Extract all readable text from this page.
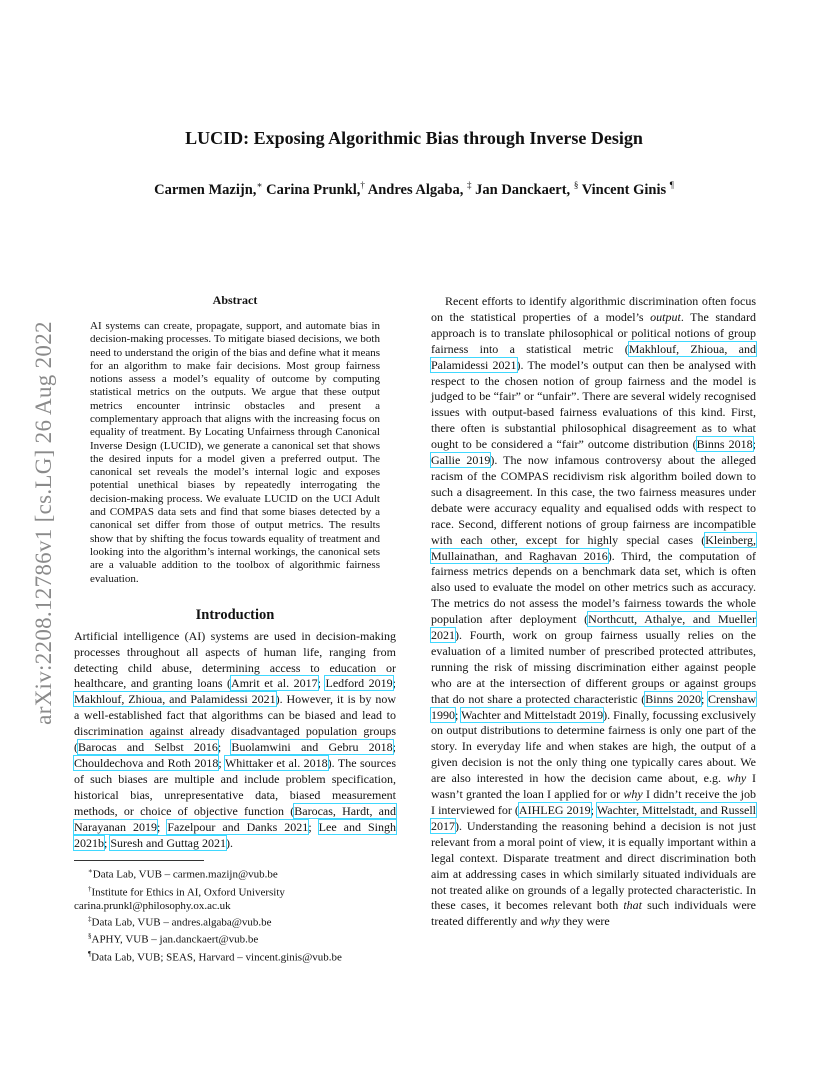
arXiv:2208.12786v1 [cs.LG] 26 Aug 2022
LUCID: Exposing Algorithmic Bias through Inverse Design
Carmen Mazijn,∗ Carina Prunkl,† Andres Algaba, ‡ Jan Danckaert, § Vincent Ginis ¶
Abstract

AI systems can create, propagate, support, and automate bias in decision-making processes. To mitigate biased decisions, we both need to understand the origin of the bias and define what it means for an algorithm to make fair decisions. Most group fairness notions assess a model’s equality of outcome by computing statistical metrics on the outputs. We argue that these output metrics encounter intrinsic obstacles and present a complementary approach that aligns with the increasing focus on equality of treatment. By Locating Unfairness through Canonical Inverse Design (LUCID), we generate a canonical set that shows the desired inputs for a model given a preferred output. The canonical set reveals the model’s internal logic and exposes potential unethical biases by repeatedly interrogating the decision-making process. We evaluate LUCID on the UCI Adult and COMPAS data sets and find that some biases detected by a canonical set differ from those of output metrics. The results show that by shifting the focus towards equality of treatment and looking into the algorithm’s internal workings, the canonical sets are a valuable addition to the toolbox of algorithmic fairness evaluation.

Introduction

Artificial intelligence (AI) systems are used in decision-making processes throughout all aspects of human life, ranging from detecting child abuse, determining access to education or healthcare, and granting loans (Amrit et al. 2017; Ledford 2019; Makhlouf, Zhioua, and Palamidessi 2021). However, it is by now a well-established fact that algorithms can be biased and lead to discrimination against already disadvantaged population groups (Barocas and Selbst 2016; Buolamwini and Gebru 2018; Chouldechova and Roth 2018; Whittaker et al. 2018). The sources of such biases are multiple and include problem specification, historical bias, unrepresentative data, biased measurement methods, or choice of objective function (Barocas, Hardt, and Narayanan 2019; Fazelpour and Danks 2021; Lee and Singh 2021b; Suresh and Guttag 2021).

∗Data Lab, VUB – carmen.mazijn@vub.be
†Institute for Ethics in AI, Oxford University carina.prunkl@philosophy.ox.ac.uk
‡Data Lab, VUB – andres.algaba@vub.be
§APHY, VUB – jan.danckaert@vub.be
¶Data Lab, VUB; SEAS, Harvard – vincent.ginis@vub.be

Recent efforts to identify algorithmic discrimination often focus on the statistical properties of a model’s output. The standard approach is to translate philosophical or political notions of group fairness into a statistical metric (Makhlouf, Zhioua, and Palamidessi 2021). The model’s output can then be analysed with respect to the chosen notion of group fairness and the model is judged to be “fair” or “unfair”. There are several widely recognised issues with output-based fairness evaluations of this kind. First, there often is substantial philosophical disagreement as to what ought to be considered a “fair” outcome distribution (Binns 2018; Gallie 2019). The now infamous controversy about the alleged racism of the COMPAS recidivism risk algorithm boiled down to such a disagreement. In this case, the two fairness measures under debate were accuracy equality and equalised odds with respect to race. Second, different notions of group fairness are incompatible with each other, except for highly special cases (Kleinberg, Mullainathan, and Raghavan 2016). Third, the computation of fairness metrics depends on a benchmark data set, which is often also used to evaluate the model on other metrics such as accuracy. The metrics do not assess the model’s fairness towards the whole population after deployment (Northcutt, Athalye, and Mueller 2021). Fourth, work on group fairness usually relies on the evaluation of a limited number of prescribed protected attributes, running the risk of missing discrimination either against people who are at the intersection of different groups or against groups that do not share a protected characteristic (Binns 2020; Crenshaw 1990; Wachter and Mittelstadt 2019). Finally, focussing exclusively on output distributions to determine fairness is only one part of the story. In everyday life and when stakes are high, the output of a given decision is not the only thing one typically cares about. We are also interested in how the decision came about, e.g. why I wasn’t granted the loan I applied for or why I didn’t receive the job I interviewed for (AIHLEG 2019; Wachter, Mittelstadt, and Russell 2017). Understanding the reasoning behind a decision is not just relevant from a moral point of view, it is equally important within a legal context. Disparate treatment and direct discrimination both aim at addressing cases in which similarly situated individuals are not treated alike on grounds of a legally protected characteristic. In these cases, it becomes relevant both that such individuals were treated differently and why they were
